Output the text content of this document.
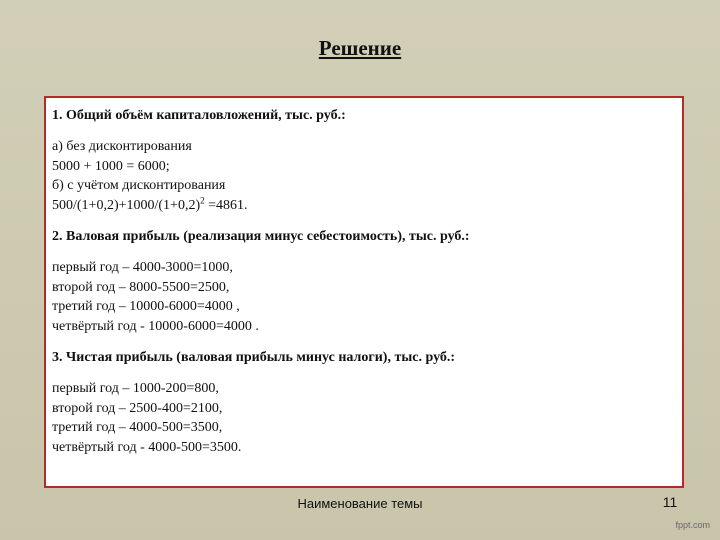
Решение
1. Общий объём капиталовложений, тыс. руб.:
а) без дисконтирования
5000 + 1000 = 6000;
б) с учётом дисконтирования
$500/(1+0,2)+1000/(1+0,2)^2 =4861$.
2. Валовая прибыль (реализация минус себестоимость), тыс. руб.:
первый год – 4000-3000=1000,
второй год – 8000-5500=2500,
третий год – 10000-6000=4000 ,
четвёртый год - 10000-6000=4000 .
3. Чистая прибыль (валовая прибыль минус налоги), тыс. руб.:
первый год – 1000-200=800,
второй год – 2500-400=2100,
третий год – 4000-500=3500,
четвёртый год - 4000-500=3500.
Наименование темы	11
fppt.com
